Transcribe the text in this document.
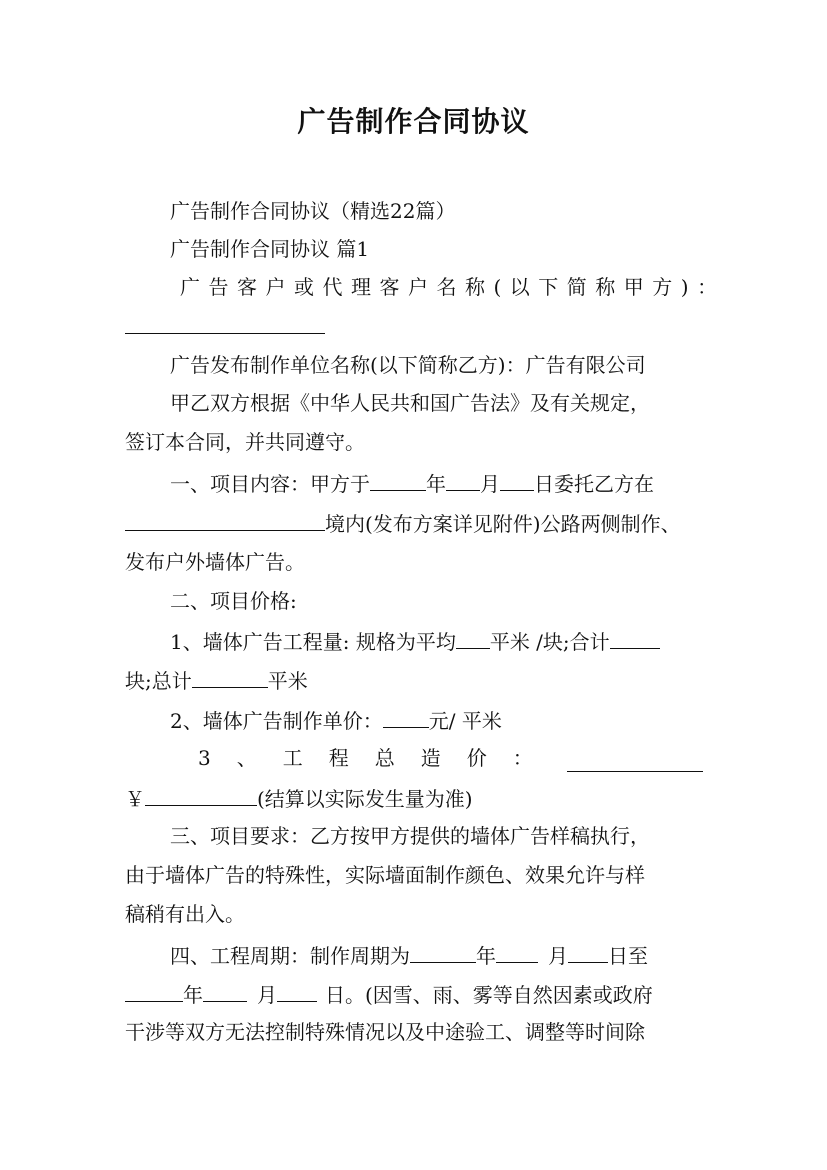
广告制作合同协议
广告制作合同协议（精选22篇）
广告制作合同协议 篇1
广告客户或代理客户名称(以下简称甲方)：
广告发布制作单位名称(以下简称乙方)：广告有限公司
甲乙双方根据《中华人民共和国广告法》及有关规定，
签订本合同，并共同遵守。
一、项目内容：甲方于	年 月 日委托乙方在
境内(发布方案详见附件)公路两侧制作、
发布户外墙体广告。
二、项目价格:
1、墙体广告工程量: 规格为平均 平米 /块;合计
块;总计	平米
2、墙体广告制作单价： 元/ 平米
3、工程总造价：
￥	(结算以实际发生量为准)
三、项目要求：乙方按甲方提供的墙体广告样稿执行，
由于墙体广告的特殊性，实际墙面制作颜色、效果允许与样
稿稍有出入。
四、工程周期：制作周期为	年	月 日至
年	月 日。(因雪、雨、雾等自然因素或政府
干涉等双方无法控制特殊情况以及中途验工、调整等时间除
